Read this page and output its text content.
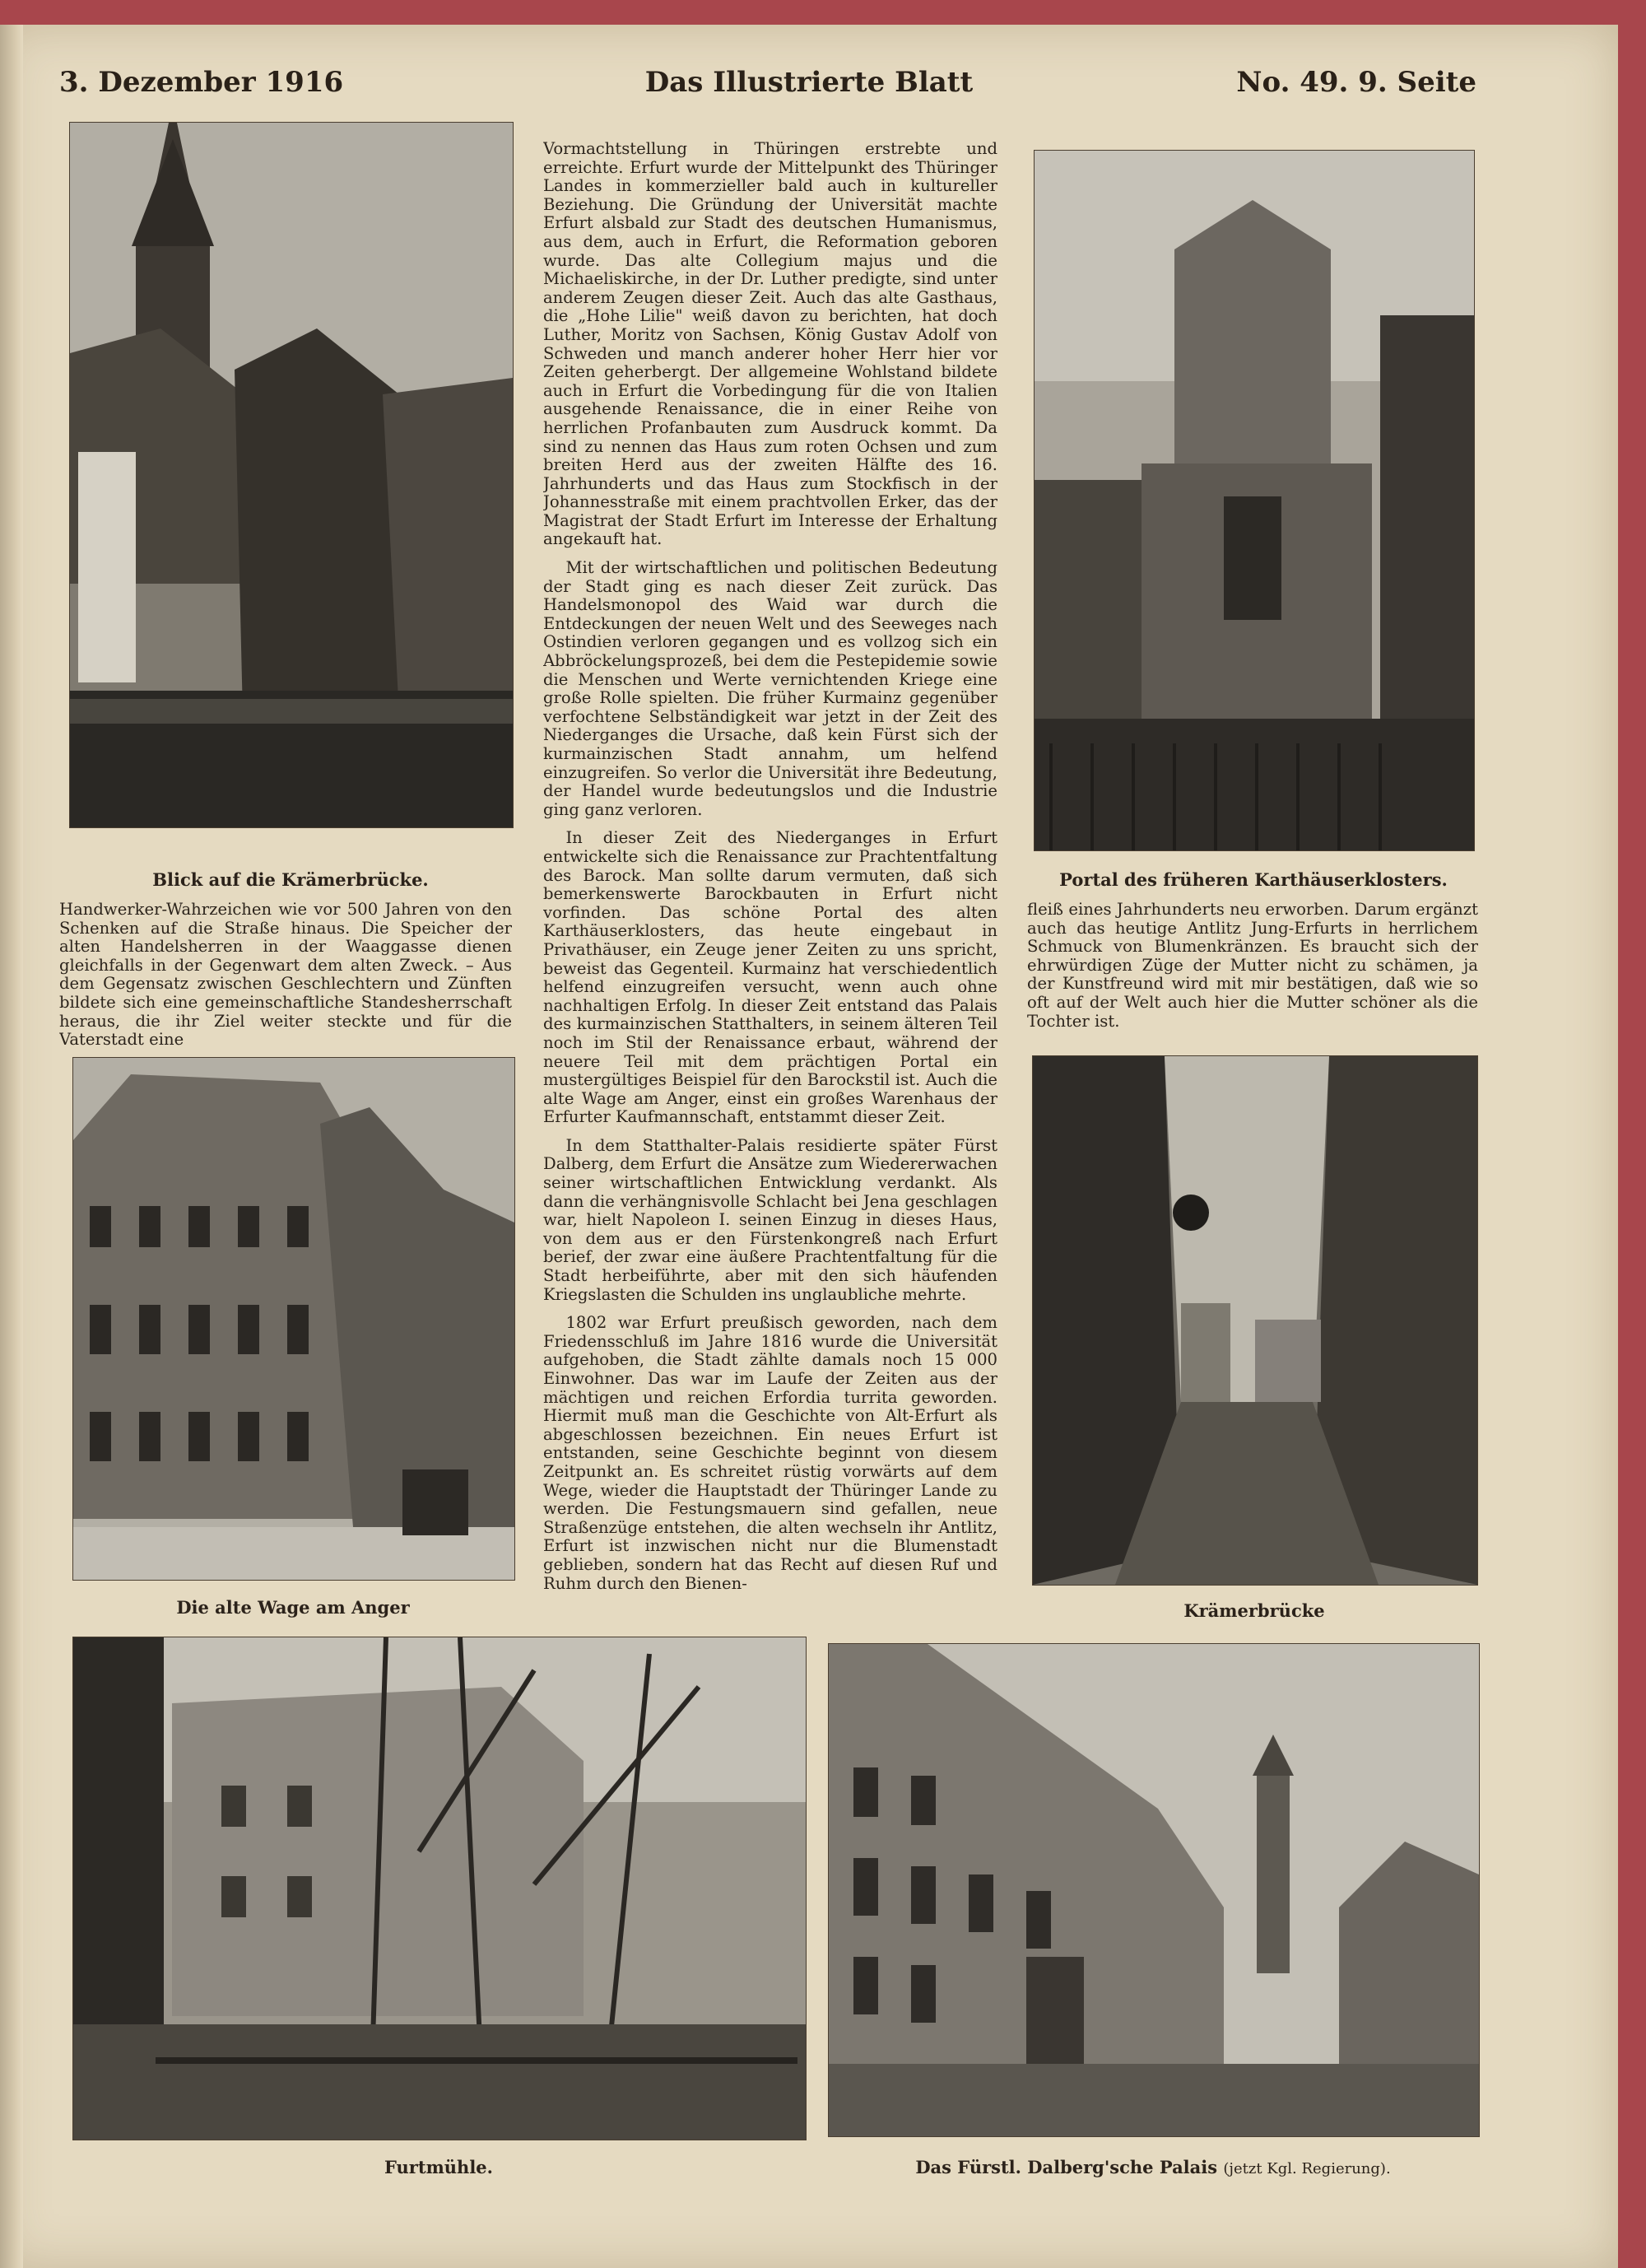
3. Dezember 1916	Das Illustrierte Blatt	No. 49. 9. Seite
Blick auf die Krämerbrücke.	Portal des früheren Karthäuserklosters.

Handwerker-Wahrzeichen wie vor 500 Jahren von den Schenken auf die Straße hinaus. Die Speicher der alten Handelsherren in der Waaggasse dienen gleichfalls in der Gegenwart dem alten Zweck. – Aus dem Gegensatz zwischen Geschlechtern und Zünften bildete sich eine gemeinschaftliche Standesherrschaft heraus, die ihr Ziel weiter steckte und für die Vaterstadt eine

Vormachtstellung in Thüringen erstrebte und erreichte. Erfurt wurde der Mittelpunkt des Thüringer Landes in kommerzieller bald auch in kultureller Beziehung. Die Gründung der Universität machte Erfurt alsbald zur Stadt des deutschen Humanismus, aus dem, auch in Erfurt, die Reformation geboren wurde. Das alte Collegium majus und die Michaeliskirche, in der Dr. Luther predigte, sind unter anderem Zeugen dieser Zeit. Auch das alte Gasthaus, die „Hohe Lilie" weiß davon zu berichten, hat doch Luther, Moritz von Sachsen, König Gustav Adolf von Schweden und manch anderer hoher Herr hier vor Zeiten geherbergt. Der allgemeine Wohlstand bildete auch in Erfurt die Vorbedingung für die von Italien ausgehende Renaissance, die in einer Reihe von herrlichen Profanbauten zum Ausdruck kommt. Da sind zu nennen das Haus zum roten Ochsen und zum breiten Herd aus der zweiten Hälfte des 16. Jahrhunderts und das Haus zum Stockfisch in der Johannesstraße mit einem prachtvollen Erker, das der Magistrat der Stadt Erfurt im Interesse der Erhaltung angekauft hat.

Mit der wirtschaftlichen und politischen Bedeutung der Stadt ging es nach dieser Zeit zurück. Das Handelsmonopol des Waid war durch die Entdeckungen der neuen Welt und des Seeweges nach Ostindien verloren gegangen und es vollzog sich ein Abbröckelungsprozeß, bei dem die Pestepidemie sowie die Menschen und Werte vernichtenden Kriege eine große Rolle spielten. Die früher Kurmainz gegenüber verfochtene Selbständigkeit war jetzt in der Zeit des Niederganges die Ursache, daß kein Fürst sich der kurmainzischen Stadt annahm, um helfend einzugreifen. So verlor die Universität ihre Bedeutung, der Handel wurde bedeutungslos und die Industrie ging ganz verloren.

In dieser Zeit des Niederganges in Erfurt entwickelte sich die Renaissance zur Prachtentfaltung des Barock. Man sollte darum vermuten, daß sich bemerkenswerte Barockbauten in Erfurt nicht vorfinden. Das schöne Portal des alten Karthäuserklosters, das heute eingebaut in Privathäuser, ein Zeuge jener Zeiten zu uns spricht, beweist das Gegenteil. Kurmainz hat verschiedentlich helfend einzugreifen versucht, wenn auch ohne nachhaltigen Erfolg. In dieser Zeit entstand das Palais des kurmainzischen Statthalters, in seinem älteren Teil noch im Stil der Renaissance erbaut, während der neuere Teil mit dem prächtigen Portal ein mustergültiges Beispiel für den Barockstil ist. Auch die alte Wage am Anger, einst ein großes Warenhaus der Erfurter Kaufmannschaft, entstammt dieser Zeit.

In dem Statthalter-Palais residierte später Fürst Dalberg, dem Erfurt die Ansätze zum Wiedererwachen seiner wirtschaftlichen Entwicklung verdankt. Als dann die verhängnisvolle Schlacht bei Jena geschlagen war, hielt Napoleon I. seinen Einzug in dieses Haus, von dem aus er den Fürstenkongreß nach Erfurt berief, der zwar eine äußere Prachtentfaltung für die Stadt herbeiführte, aber mit den sich häufenden Kriegslasten die Schulden ins unglaubliche mehrte.

1802 war Erfurt preußisch geworden, nach dem Friedensschluß im Jahre 1816 wurde die Universität aufgehoben, die Stadt zählte damals noch 15 000 Einwohner. Das war im Laufe der Zeiten aus der mächtigen und reichen Erfordia turrita geworden. Hiermit muß man die Geschichte von Alt-Erfurt als abgeschlossen bezeichnen. Ein neues Erfurt ist entstanden, seine Geschichte beginnt von diesem Zeitpunkt an. Es schreitet rüstig vorwärts auf dem Wege, wieder die Hauptstadt der Thüringer Lande zu werden. Die Festungsmauern sind gefallen, neue Straßenzüge entstehen, die alten wechseln ihr Antlitz, Erfurt ist inzwischen nicht nur die Blumenstadt geblieben, sondern hat das Recht auf diesen Ruf und Ruhm durch den Bienen-

fleiß eines Jahrhunderts neu erworben. Darum ergänzt auch das heutige Antlitz Jung-Erfurts in herrlichem Schmuck von Blumenkränzen. Es braucht sich der ehrwürdigen Züge der Mutter nicht zu schämen, ja der Kunstfreund wird mit mir bestätigen, daß wie so oft auf der Welt auch hier die Mutter schöner als die Tochter ist.

Die alte Wage am Anger	Krämerbrücke
Furtmühle.	Das Fürstl. Dalberg'sche Palais (jetzt Kgl. Regierung).
